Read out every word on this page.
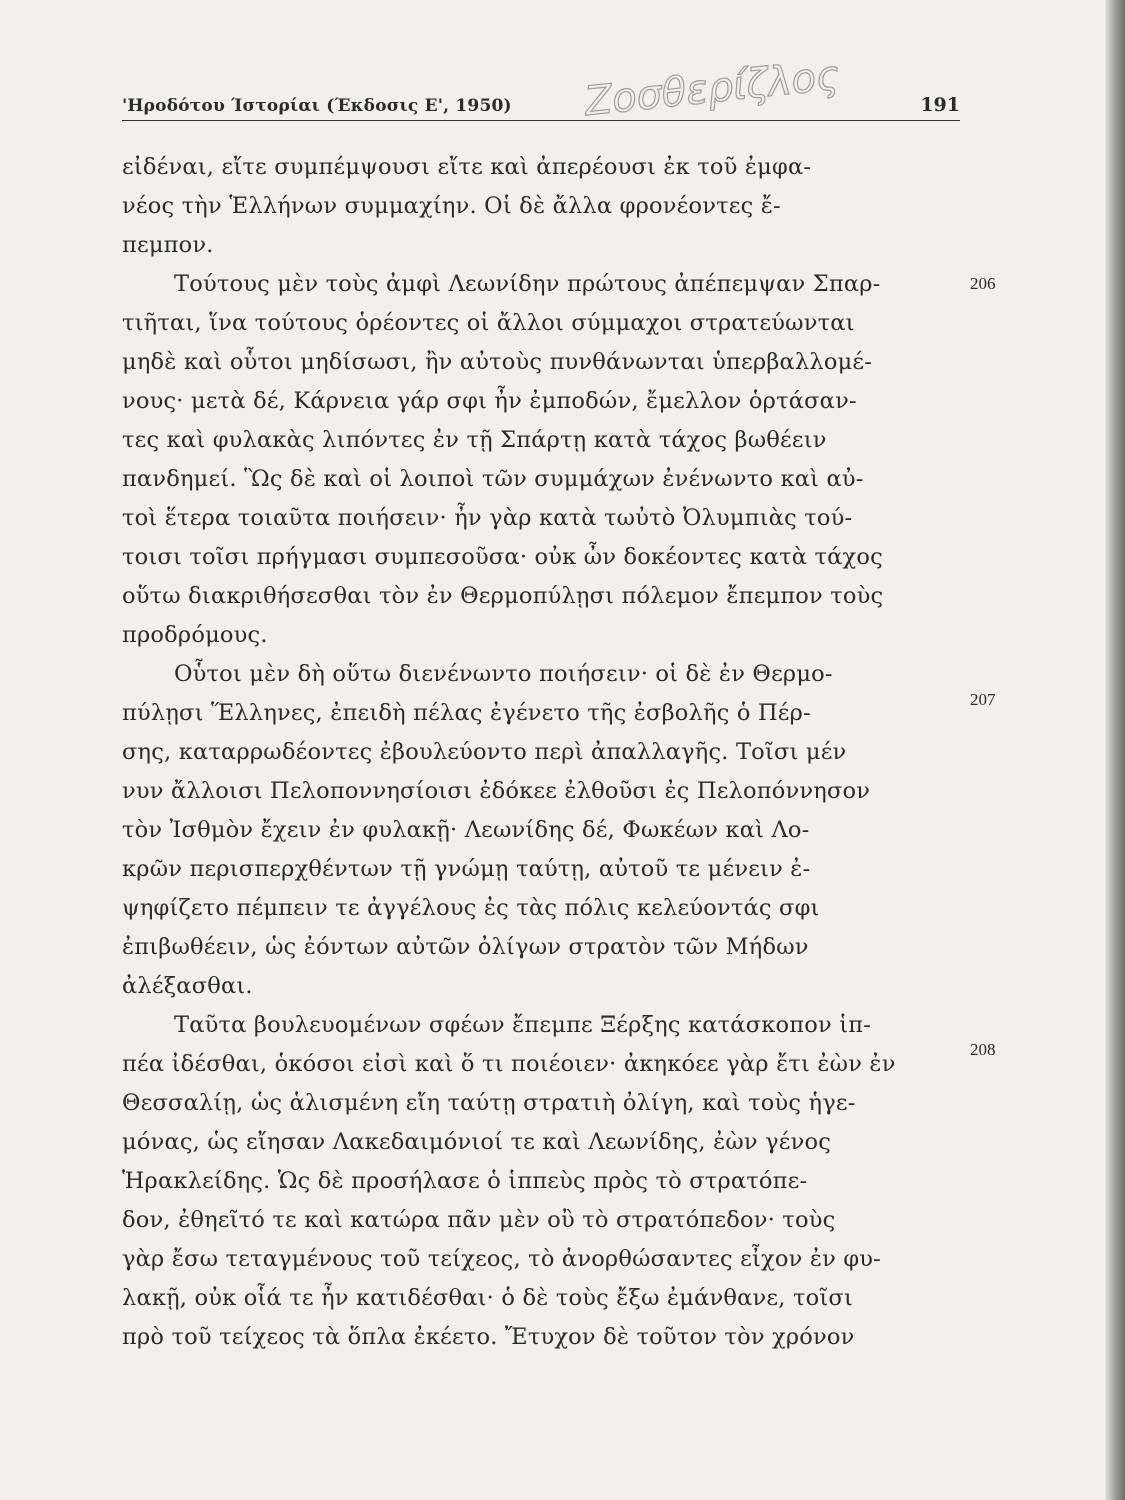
'Ηροδότου Ίστορίαι (Έκδοσις Ε', 1950)	191
Ζοσθερίζλος
εἰδέναι, εἴτε συμπέμψουσι εἴτε καὶ ἀπερέουσι ἐκ τοῦ ἐμφα-
νέος τὴν Ἑλλήνων συμμαχίην. Οἱ δὲ ἄλλα φρονέοντες ἔ-
πεμπον.
Τούτους μὲν τοὺς ἀμφὶ Λεωνίδην πρώτους ἀπέπεμψαν Σπαρ-
τιῆται, ἵνα τούτους ὁρέοντες οἱ ἄλλοι σύμμαχοι στρατεύωνται
μηδὲ καὶ οὗτοι μηδίσωσι, ἢν αὐτοὺς πυνθάνωνται ὑπερβαλλομέ-
νους· μετὰ δέ, Κάρνεια γάρ σφι ἦν ἐμποδών, ἔμελλον ὁρτάσαν-
τες καὶ φυλακὰς λιπόντες ἐν τῇ Σπάρτῃ κατὰ τάχος βωθέειν
πανδημεί. Ὣς δὲ καὶ οἱ λοιποὶ τῶν συμμάχων ἐνένωντο καὶ αὐ-
τοὶ ἕτερα τοιαῦτα ποιήσειν· ἦν γὰρ κατὰ τωὐτὸ Ὀλυμπιὰς τού-
τοισι τοῖσι πρήγμασι συμπεσοῦσα· οὐκ ὦν δοκέοντες κατὰ τάχος
οὕτω διακριθήσεσθαι τὸν ἐν Θερμοπύλῃσι πόλεμον ἔπεμπον τοὺς
προδρόμους.
Οὗτοι μὲν δὴ οὕτω διενένωντο ποιήσειν· οἱ δὲ ἐν Θερμο-
πύλῃσι Ἕλληνες, ἐπειδὴ πέλας ἐγένετο τῆς ἐσβολῆς ὁ Πέρ-
σης, καταρρωδέοντες ἐβουλεύοντο περὶ ἀπαλλαγῆς. Τοῖσι μέν
νυν ἄλλοισι Πελοποννησίοισι ἐδόκεε ἐλθοῦσι ἐς Πελοπόννησον
τὸν Ἰσθμὸν ἔχειν ἐν φυλακῇ· Λεωνίδης δέ, Φωκέων καὶ Λο-
κρῶν περισπερχθέντων τῇ γνώμῃ ταύτῃ, αὐτοῦ τε μένειν ἐ-
ψηφίζετο πέμπειν τε ἀγγέλους ἐς τὰς πόλις κελεύοντάς σφι
ἐπιβωθέειν, ὡς ἐόντων αὐτῶν ὀλίγων στρατὸν τῶν Μήδων
ἀλέξασθαι.
Ταῦτα βουλευομένων σφέων ἔπεμπε Ξέρξης κατάσκοπον ἱπ-
πέα ἰδέσθαι, ὁκόσοι εἰσὶ καὶ ὅ τι ποιέοιεν· ἀκηκόεε γὰρ ἔτι ἐὼν ἐν
Θεσσαλίῃ, ὡς ἁλισμένη εἴη ταύτῃ στρατιὴ ὀλίγη, καὶ τοὺς ἡγε-
μόνας, ὡς εἴησαν Λακεδαιμόνιοί τε καὶ Λεωνίδης, ἐὼν γένος
Ἡρακλείδης. Ὡς δὲ προσήλασε ὁ ἱππεὺς πρὸς τὸ στρατόπε-
δον, ἐθηεῖτό τε καὶ κατώρα πᾶν μὲν οὒ τὸ στρατόπεδον· τοὺς
γὰρ ἔσω τεταγμένους τοῦ τείχεος, τὸ ἀνορθώσαντες εἶχον ἐν φυ-
λακῇ, οὐκ οἷά τε ἦν κατιδέσθαι· ὁ δὲ τοὺς ἔξω ἐμάνθανε, τοῖσι
πρὸ τοῦ τείχεος τὰ ὅπλα ἐκέετο. Ἔτυχον δὲ τοῦτον τὸν χρόνον
206
207
208
